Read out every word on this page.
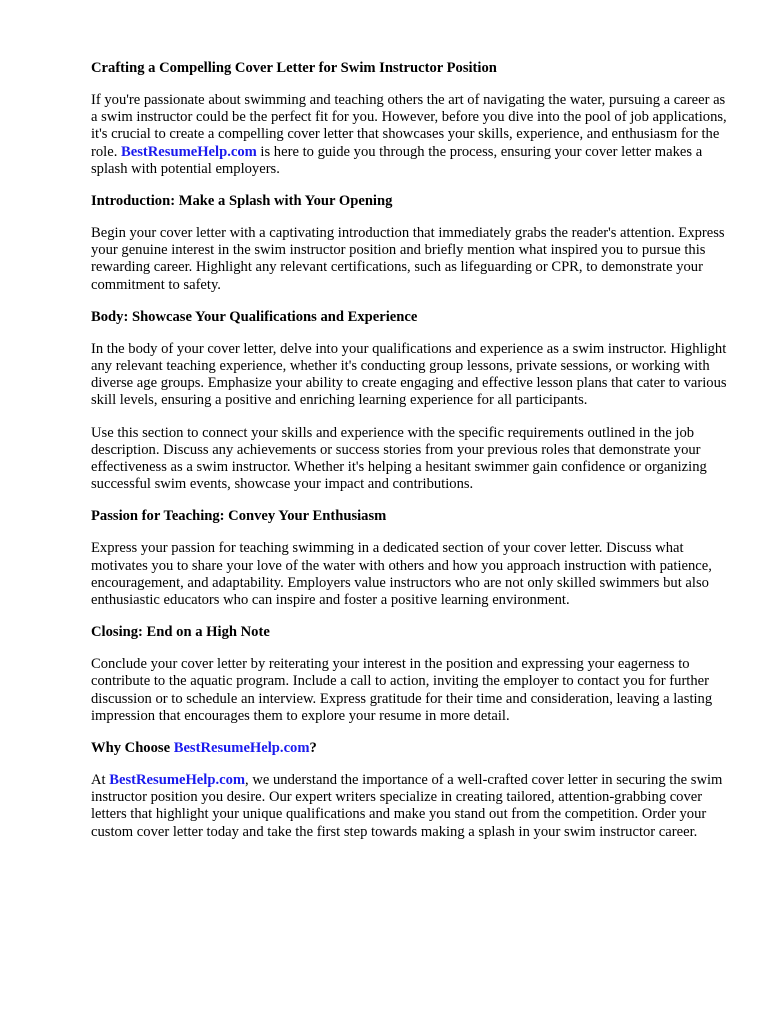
Crafting a Compelling Cover Letter for Swim Instructor Position

If you're passionate about swimming and teaching others the art of navigating the water, pursuing a career as a swim instructor could be the perfect fit for you. However, before you dive into the pool of job applications, it's crucial to create a compelling cover letter that showcases your skills, experience, and enthusiasm for the role. BestResumeHelp.com is here to guide you through the process, ensuring your cover letter makes a splash with potential employers.

Introduction: Make a Splash with Your Opening

Begin your cover letter with a captivating introduction that immediately grabs the reader's attention. Express your genuine interest in the swim instructor position and briefly mention what inspired you to pursue this rewarding career. Highlight any relevant certifications, such as lifeguarding or CPR, to demonstrate your commitment to safety.

Body: Showcase Your Qualifications and Experience

In the body of your cover letter, delve into your qualifications and experience as a swim instructor. Highlight any relevant teaching experience, whether it's conducting group lessons, private sessions, or working with diverse age groups. Emphasize your ability to create engaging and effective lesson plans that cater to various skill levels, ensuring a positive and enriching learning experience for all participants.

Use this section to connect your skills and experience with the specific requirements outlined in the job description. Discuss any achievements or success stories from your previous roles that demonstrate your effectiveness as a swim instructor. Whether it's helping a hesitant swimmer gain confidence or organizing successful swim events, showcase your impact and contributions.

Passion for Teaching: Convey Your Enthusiasm

Express your passion for teaching swimming in a dedicated section of your cover letter. Discuss what motivates you to share your love of the water with others and how you approach instruction with patience, encouragement, and adaptability. Employers value instructors who are not only skilled swimmers but also enthusiastic educators who can inspire and foster a positive learning environment.

Closing: End on a High Note

Conclude your cover letter by reiterating your interest in the position and expressing your eagerness to contribute to the aquatic program. Include a call to action, inviting the employer to contact you for further discussion or to schedule an interview. Express gratitude for their time and consideration, leaving a lasting impression that encourages them to explore your resume in more detail.

Why Choose BestResumeHelp.com?

At BestResumeHelp.com, we understand the importance of a well-crafted cover letter in securing the swim instructor position you desire. Our expert writers specialize in creating tailored, attention-grabbing cover letters that highlight your unique qualifications and make you stand out from the competition. Order your custom cover letter today and take the first step towards making a splash in your swim instructor career.
